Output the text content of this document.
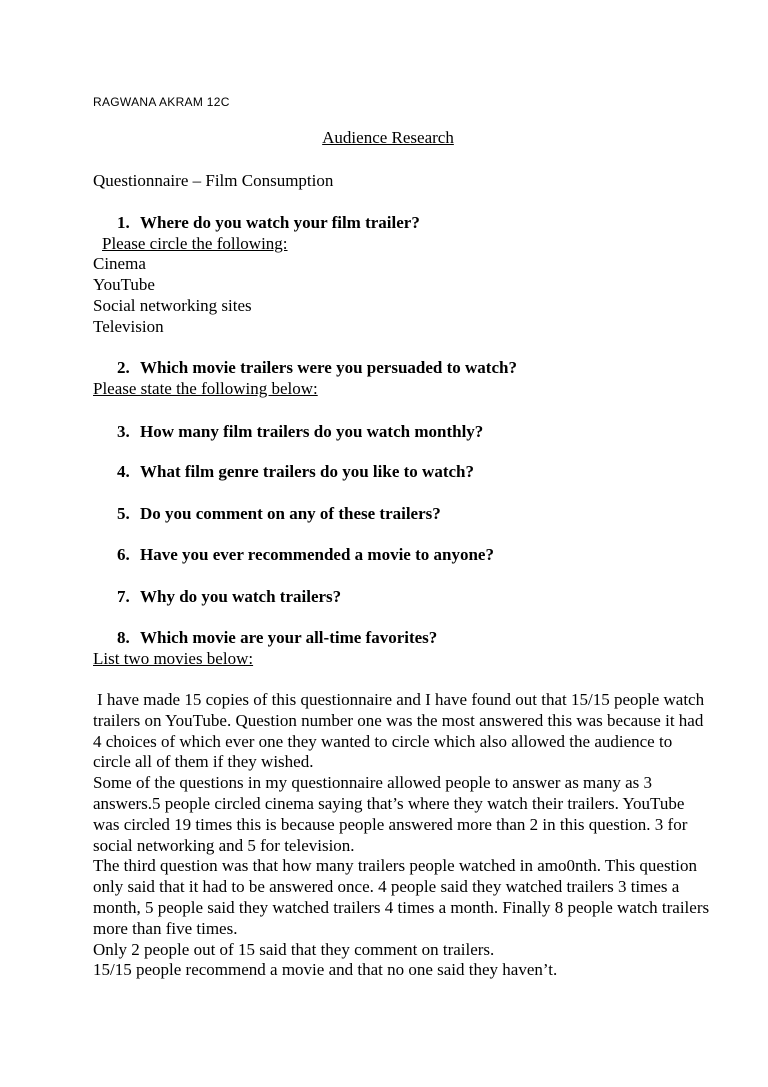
RAGWANA AKRAM 12C
Audience Research
Questionnaire – Film Consumption
1. Where do you watch your film trailer?
Please circle the following:
Cinema
YouTube
Social networking sites
Television
2. Which movie trailers were you persuaded to watch?
Please state the following below:
3. How many film trailers do you watch monthly?
4. What film genre trailers do you like to watch?
5. Do you comment on any of these trailers?
6. Have you ever recommended a movie to anyone?
7. Why do you watch trailers?
8. Which movie are your all-time favorites?
List two movies below:

I have made 15 copies of this questionnaire and I have found out that 15/15 people watch trailers on YouTube. Question number one was the most answered this was because it had 4 choices of which ever one they wanted to circle which also allowed the audience to circle all of them if they wished.

Some of the questions in my questionnaire allowed people to answer as many as 3 answers.5 people circled cinema saying that’s where they watch their trailers. YouTube was circled 19 times this is because people answered more than 2 in this question. 3 for social networking and 5 for television.

The third question was that how many trailers people watched in amo0nth. This question only said that it had to be answered once. 4 people said they watched trailers 3 times a month, 5 people said they watched trailers 4 times a month. Finally 8 people watch trailers more than five times.

Only 2 people out of 15 said that they comment on trailers.

15/15 people recommend a movie and that no one said they haven’t.
